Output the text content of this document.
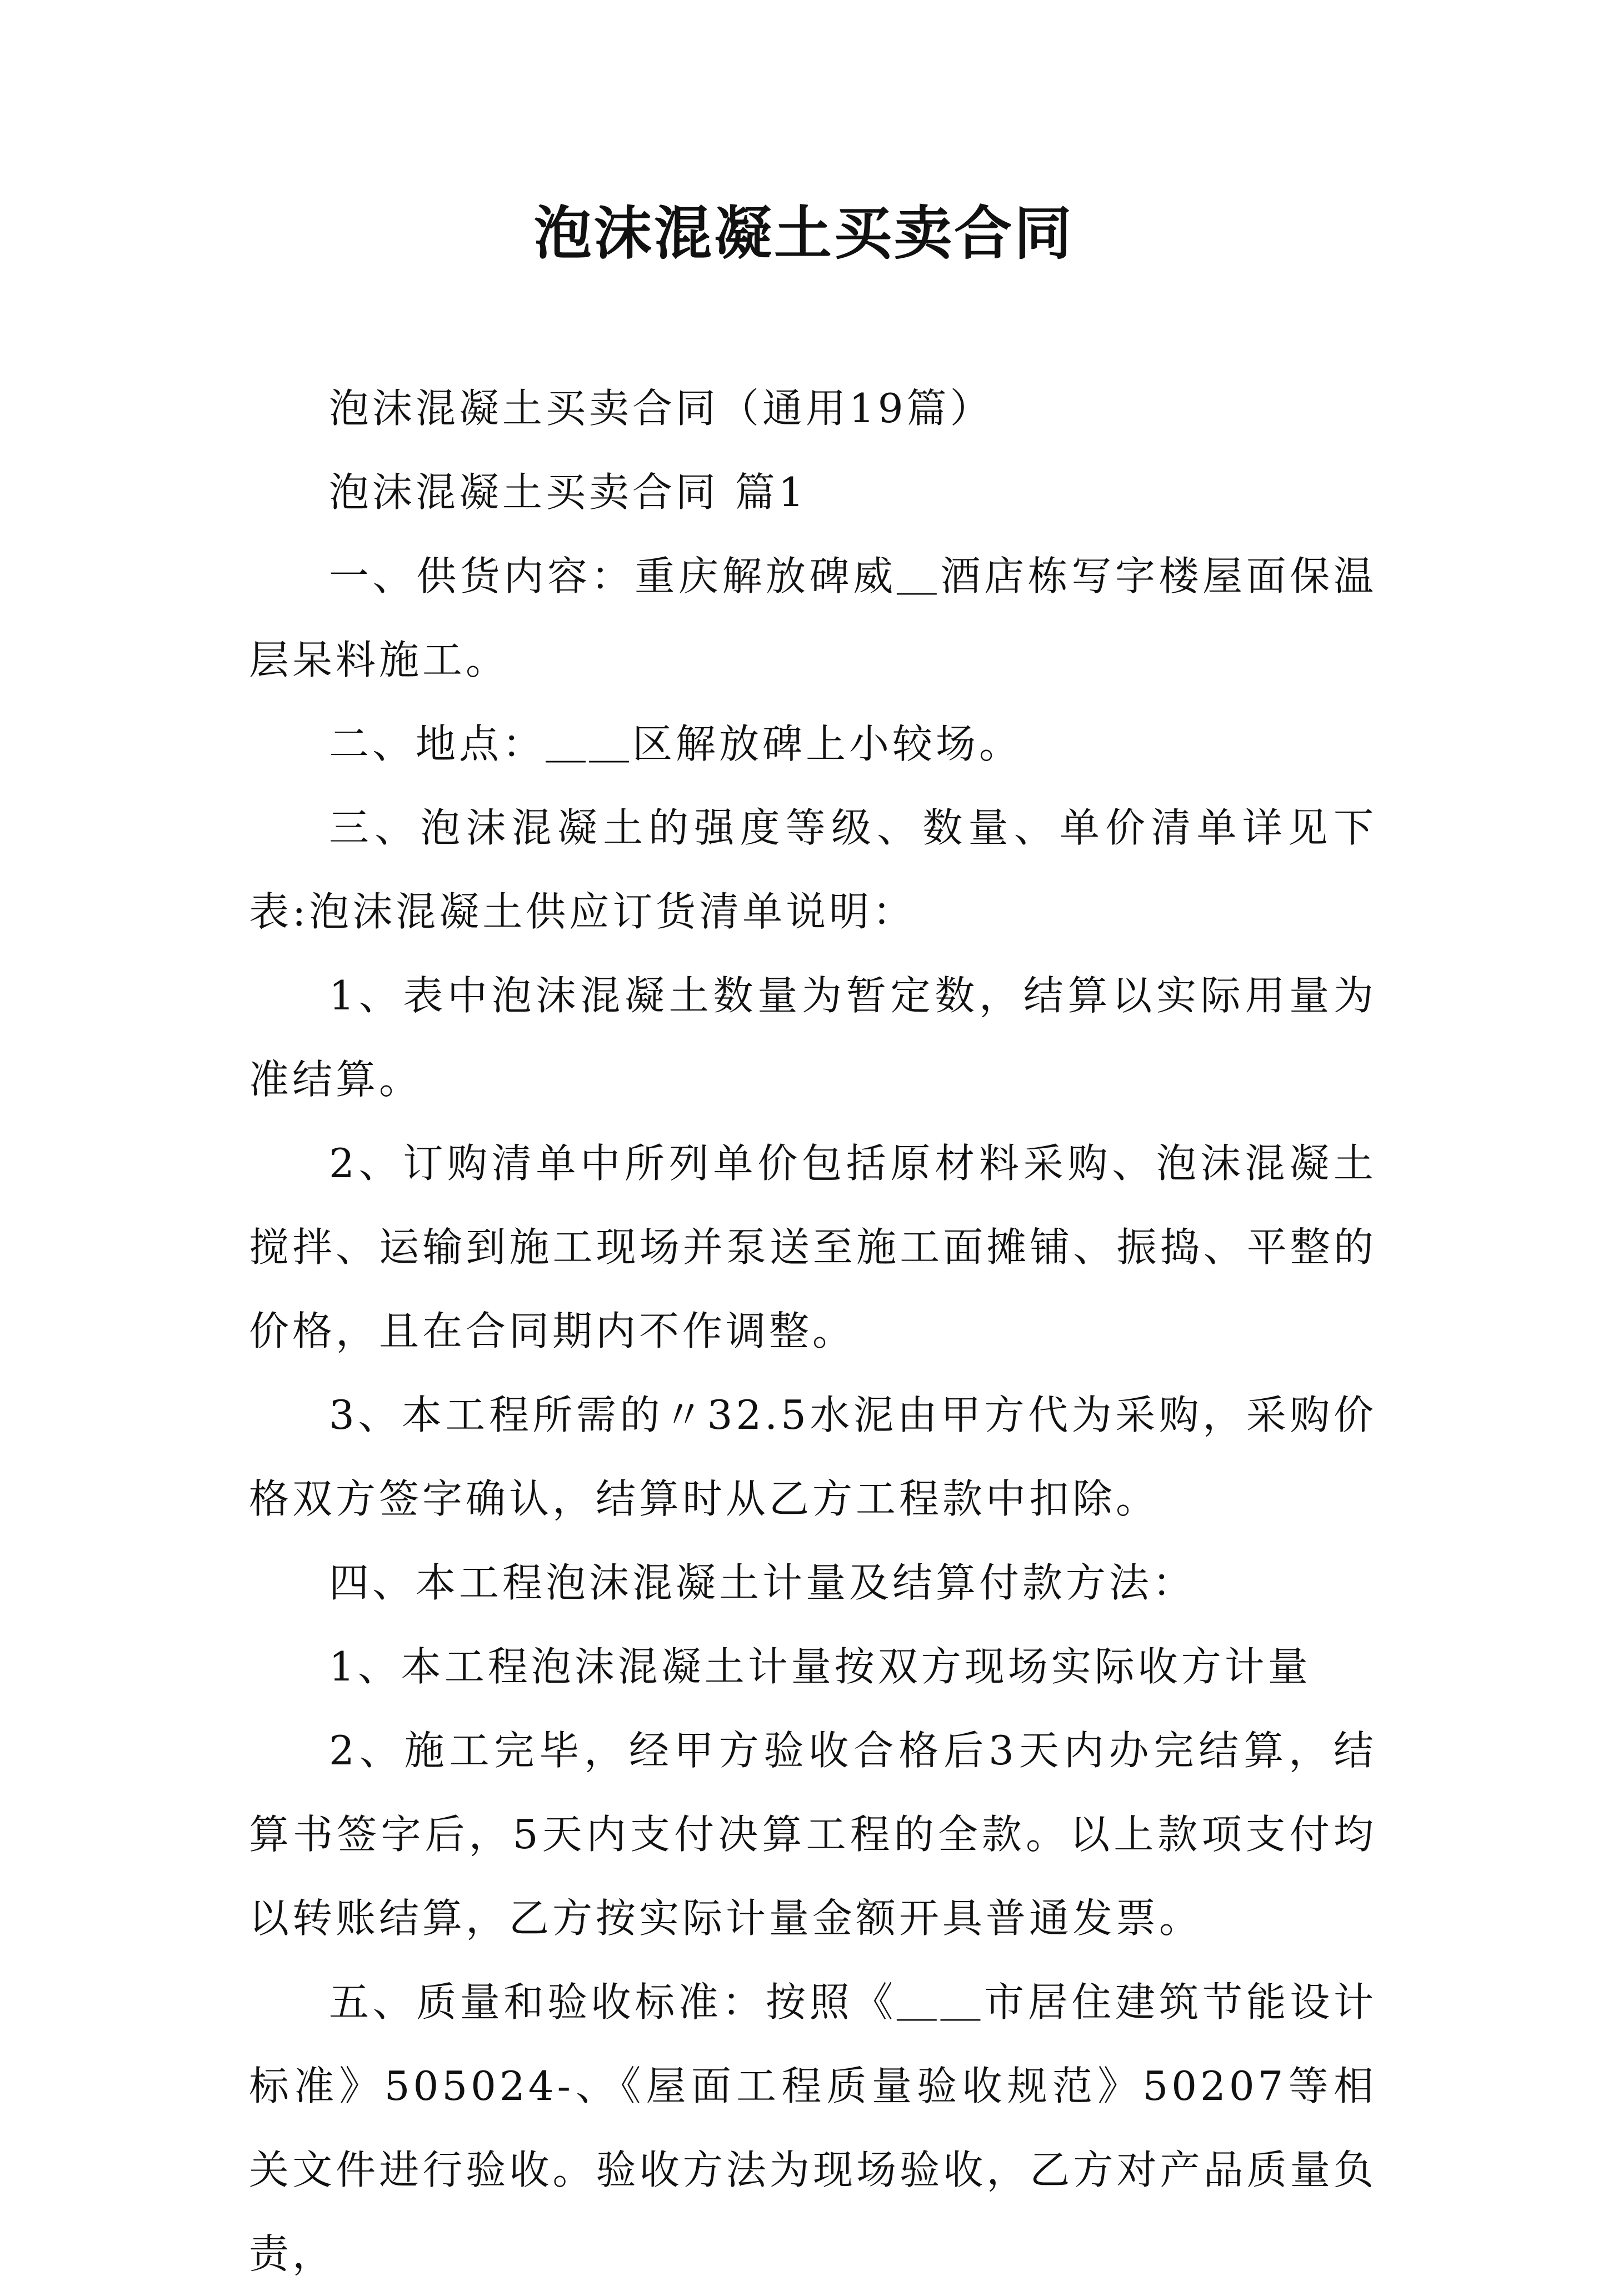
泡沫混凝土买卖合同

泡沫混凝土买卖合同（通用19篇）

泡沫混凝土买卖合同 篇1

一、供货内容：重庆解放碑威＿酒店栋写字楼屋面保温层呆料施工。

二、地点：＿＿区解放碑上小较场。

三、泡沫混凝土的强度等级、数量、单价清单详见下表:泡沫混凝土供应订货清单说明：

1、表中泡沫混凝土数量为暂定数，结算以实际用量为准结算。

2、订购清单中所列单价包括原材料采购、泡沫混凝土搅拌、运输到施工现场并泵送至施工面摊铺、振捣、平整的价格，且在合同期内不作调整。

3、本工程所需的〃32.5水泥由甲方代为采购，采购价格双方签字确认，结算时从乙方工程款中扣除。

四、本工程泡沫混凝土计量及结算付款方法：

1、本工程泡沫混凝土计量按双方现场实际收方计量

2、施工完毕，经甲方验收合格后3天内办完结算，结算书签字后，5天内支付决算工程的全款。以上款项支付均以转账结算，乙方按实际计量金额开具普通发票。

五、质量和验收标准：按照《＿＿市居住建筑节能设计标准》505024-、《屋面工程质量验收规范》50207等相关文件进行验收。验收方法为现场验收，乙方对产品质量负责，
